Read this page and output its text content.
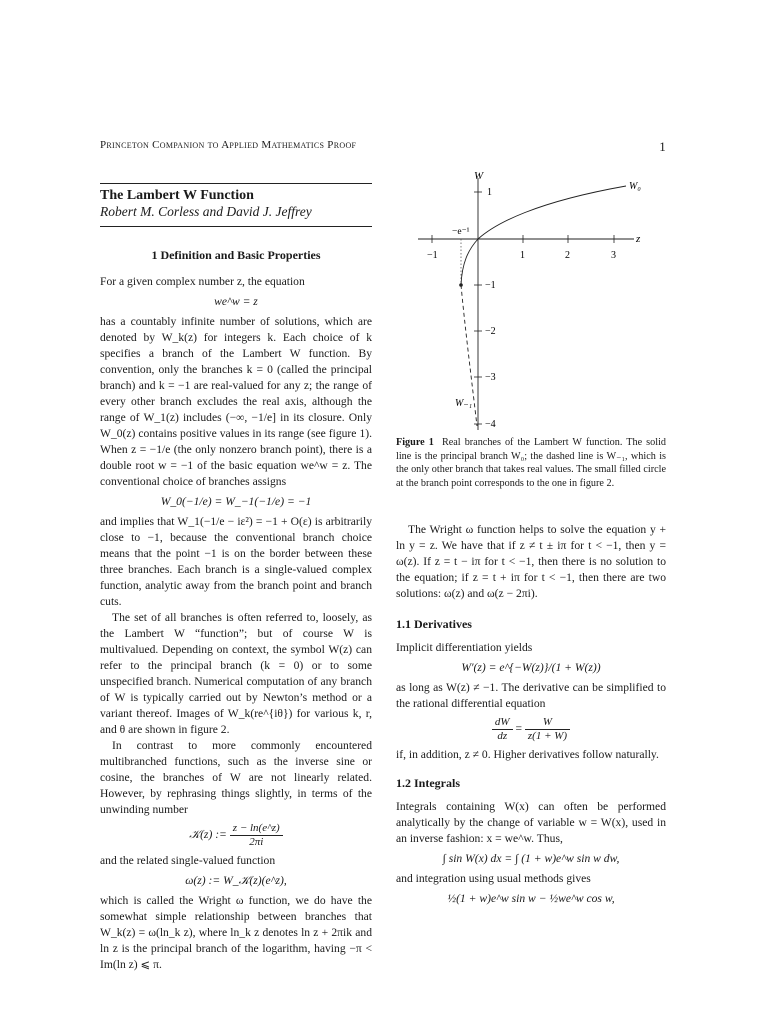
Princeton Companion to Applied Mathematics Proof	1
The Lambert W Function
Robert M. Corless and David J. Jeffrey
1 Definition and Basic Properties

For a given complex number z, the equation

we^w = z

has a countably infinite number of solutions, which are denoted by W_k(z) for integers k. Each choice of k specifies a branch of the Lambert W function. By convention, only the branches k = 0 (called the principal branch) and k = −1 are real-valued for any z; the range of every other branch excludes the real axis, although the range of W_1(z) includes (−∞, −1/e] in its closure. Only W_0(z) contains positive values in its range (see figure 1). When z = −1/e (the only nonzero branch point), there is a double root w = −1 of the basic equation we^w = z. The conventional choice of branches assigns

W_0(−1/e) = W_−1(−1/e) = −1

and implies that W_1(−1/e − iε²) = −1 + O(ε) is arbitrarily close to −1, because the conventional branch choice means that the point −1 is on the border between these three branches. Each branch is a single-valued complex function, analytic away from the branch point and branch cuts.

The set of all branches is often referred to, loosely, as the Lambert W “function”; but of course W is multivalued. Depending on context, the symbol W(z) can refer to the principal branch (k = 0) or to some unspecified branch. Numerical computation of any branch of W is typically carried out by Newton’s method or a variant thereof. Images of W_k(re^{iθ}) for various k, r, and θ are shown in figure 2.

In contrast to more commonly encountered multibranched functions, such as the inverse sine or cosine, the branches of W are not linearly related. However, by rephrasing things slightly, in terms of the unwinding number

𝒦(z) := $\frac{z - \ln(e\^{}z)}{2\pi i}$

and the related single-valued function

ω(z) := W_𝒦(z)(e^z),

which is called the Wright ω function, we do have the somewhat simple relationship between branches that W_k(z) = ω(ln_k z), where ln_k z denotes ln z + 2πik and ln z is the principal branch of the logarithm, having −π < Im(ln z) ⩽ π.

W
z
−1	1	2	3
1
−1
−2
−3
−4
−e⁻¹
W₀
W₋₁
Figure 1 Real branches of the Lambert W function. The solid line is the principal branch W₀; the dashed line is W₋₁, which is the only other branch that takes real values. The small filled circle at the branch point corresponds to the one in figure 2.

The Wright ω function helps to solve the equation y + ln y = z. We have that if z ≠ t ± iπ for t < −1, then y = ω(z). If z = t − iπ for t < −1, then there is no solution to the equation; if z = t + iπ for t < −1, then there are two solutions: ω(z) and ω(z − 2πi).

1.1 Derivatives

Implicit differentiation yields

W′(z) = e^{−W(z)}/(1 + W(z))

as long as W(z) ≠ −1. The derivative can be simplified to the rational differential equation

$\frac{dW}{dz} = \frac{W}{z(1 + W)}$

if, in addition, z ≠ 0. Higher derivatives follow naturally.

1.2 Integrals

Integrals containing W(x) can often be performed analytically by the change of variable w = W(x), used in an inverse fashion: x = we^w. Thus,

∫ sin W(x) dx = ∫ (1 + w)e^w sin w dw,

and integration using usual methods gives

½(1 + w)e^w sin w − ½we^w cos w,
